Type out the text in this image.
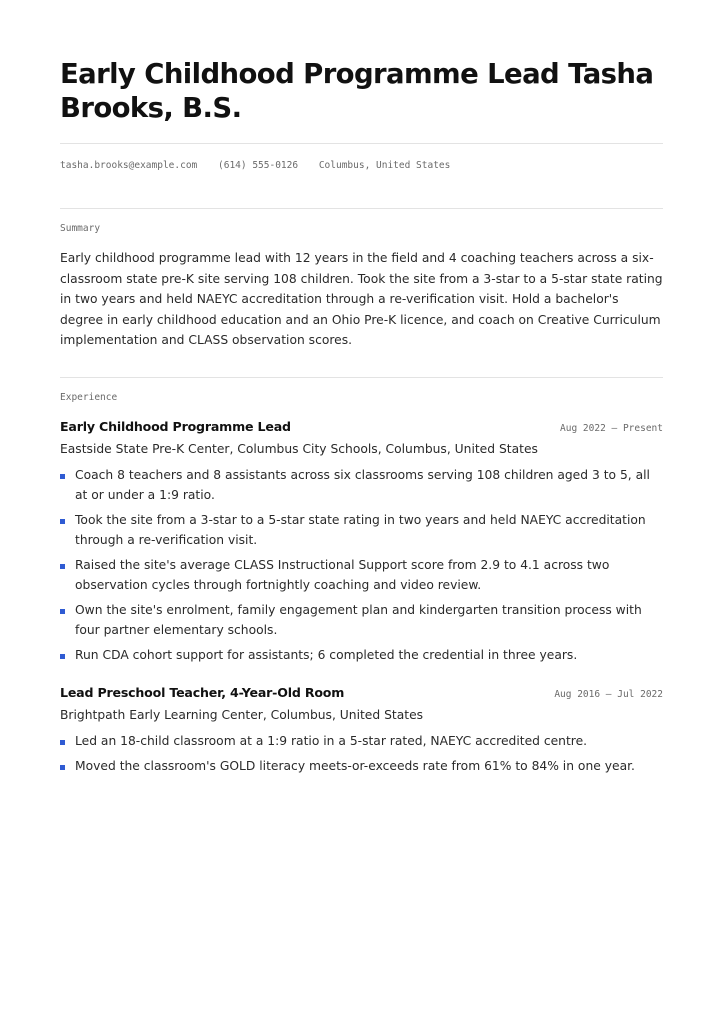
Early Childhood Programme Lead Tasha Brooks, B.S.
tasha.brooks@example.com (614) 555-0126 Columbus, United States
Summary

Early childhood programme lead with 12 years in the field and 4 coaching teachers across a six-classroom state pre-K site serving 108 children. Took the site from a 3-star to a 5-star state rating in two years and held NAEYC accreditation through a re-verification visit. Hold a bachelor's degree in early childhood education and an Ohio Pre-K licence, and coach on Creative Curriculum implementation and CLASS observation scores.

Experience
Early Childhood Programme Lead	Aug 2022 — Present
Eastside State Pre-K Center, Columbus City Schools, Columbus, United States
Coach 8 teachers and 8 assistants across six classrooms serving 108 children aged 3 to 5, all at or under a 1:9 ratio.
Took the site from a 3-star to a 5-star state rating in two years and held NAEYC accreditation through a re-verification visit.
Raised the site's average CLASS Instructional Support score from 2.9 to 4.1 across two observation cycles through fortnightly coaching and video review.
Own the site's enrolment, family engagement plan and kindergarten transition process with four partner elementary schools.
Run CDA cohort support for assistants; 6 completed the credential in three years.
Lead Preschool Teacher, 4-Year-Old Room	Aug 2016 — Jul 2022
Brightpath Early Learning Center, Columbus, United States
Led an 18-child classroom at a 1:9 ratio in a 5-star rated, NAEYC accredited centre.
Moved the classroom's GOLD literacy meets-or-exceeds rate from 61% to 84% in one year.
